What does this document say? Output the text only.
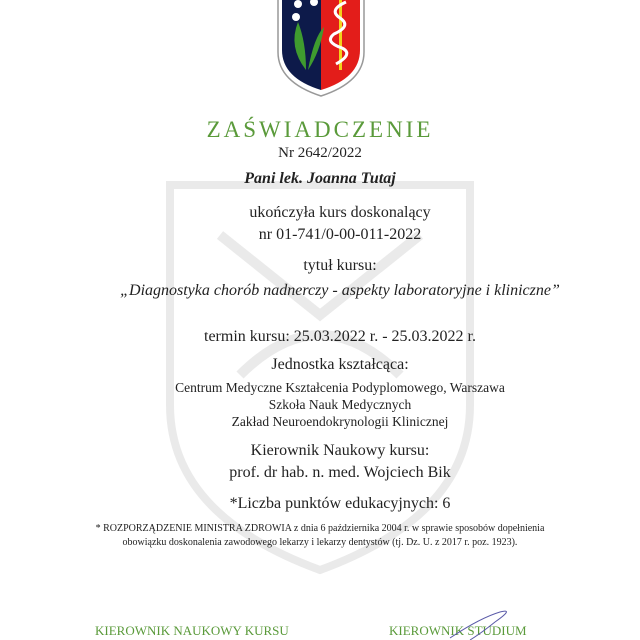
ZAŚWIADCZENIE
Nr 2642/2022
Pani lek. Joanna Tutaj
ukończyła kurs doskonalący
nr 01-741/0-00-011-2022
tytuł kursu:
„Diagnostyka chorób nadnerczy - aspekty laboratoryjne i kliniczne”
termin kursu: 25.03.2022 r. - 25.03.2022 r.
Jednostka kształcąca:
Centrum Medyczne Kształcenia Podyplomowego, Warszawa
Szkoła Nauk Medycznych
Zakład Neuroendokrynologii Klinicznej
Kierownik Naukowy kursu:
prof. dr hab. n. med. Wojciech Bik
*Liczba punktów edukacyjnych: 6
* ROZPORZĄDZENIE MINISTRA ZDROWIA z dnia 6 października 2004 r. w sprawie sposobów dopełnienia
obowiązku doskonalenia zawodowego lekarzy i lekarzy dentystów (tj. Dz. U. z 2017 r. poz. 1923).
KIEROWNIK NAUKOWY KURSU	KIEROWNIK STUDIUM
